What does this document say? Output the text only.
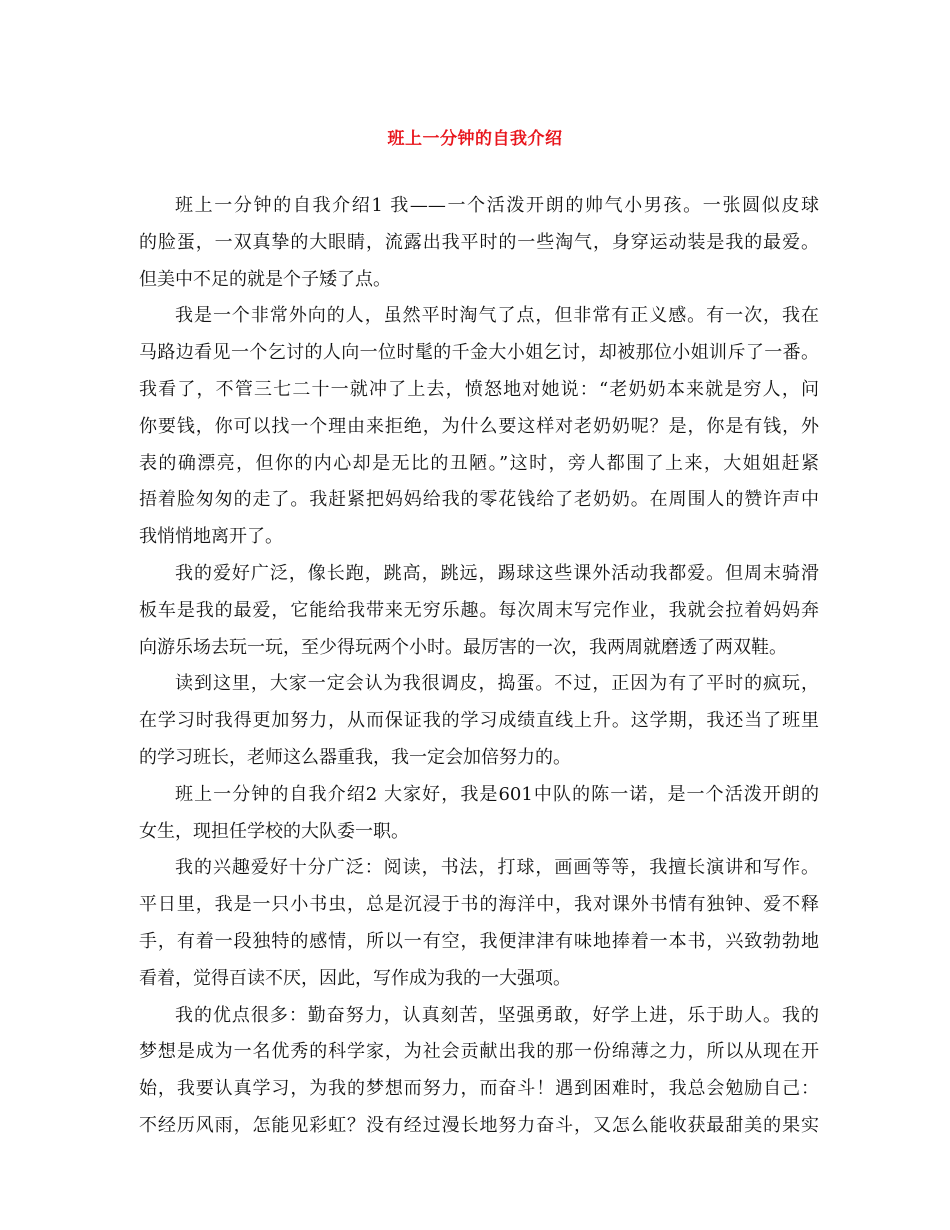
班上一分钟的自我介绍
班上一分钟的自我介绍1 我——一个活泼开朗的帅气小男孩。一张圆似皮球
的脸蛋，一双真挚的大眼睛，流露出我平时的一些淘气，身穿运动装是我的最爱。
但美中不足的就是个子矮了点。
我是一个非常外向的人，虽然平时淘气了点，但非常有正义感。有一次，我在
马路边看见一个乞讨的人向一位时髦的千金大小姐乞讨，却被那位小姐训斥了一番。
我看了，不管三七二十一就冲了上去，愤怒地对她说：“老奶奶本来就是穷人，问
你要钱，你可以找一个理由来拒绝，为什么要这样对老奶奶呢？是，你是有钱，外
表的确漂亮，但你的内心却是无比的丑陋。”这时，旁人都围了上来，大姐姐赶紧
捂着脸匆匆的走了。我赶紧把妈妈给我的零花钱给了老奶奶。在周围人的赞许声中
我悄悄地离开了。
我的爱好广泛，像长跑，跳高，跳远，踢球这些课外活动我都爱。但周末骑滑
板车是我的最爱，它能给我带来无穷乐趣。每次周末写完作业，我就会拉着妈妈奔
向游乐场去玩一玩，至少得玩两个小时。最厉害的一次，我两周就磨透了两双鞋。
读到这里，大家一定会认为我很调皮，捣蛋。不过，正因为有了平时的疯玩，
在学习时我得更加努力，从而保证我的学习成绩直线上升。这学期，我还当了班里
的学习班长，老师这么器重我，我一定会加倍努力的。
班上一分钟的自我介绍2 大家好，我是601中队的陈一诺，是一个活泼开朗的
女生，现担任学校的大队委一职。
我的兴趣爱好十分广泛：阅读，书法，打球，画画等等，我擅长演讲和写作。
平日里，我是一只小书虫，总是沉浸于书的海洋中，我对课外书情有独钟、爱不释
手，有着一段独特的感情，所以一有空，我便津津有味地捧着一本书，兴致勃勃地
看着，觉得百读不厌，因此，写作成为我的一大强项。
我的优点很多：勤奋努力，认真刻苦，坚强勇敢，好学上进，乐于助人。我的
梦想是成为一名优秀的科学家，为社会贡献出我的那一份绵薄之力，所以从现在开
始，我要认真学习，为我的梦想而努力，而奋斗！遇到困难时，我总会勉励自己：
不经历风雨，怎能见彩虹？没有经过漫长地努力奋斗，又怎么能收获最甜美的果实
